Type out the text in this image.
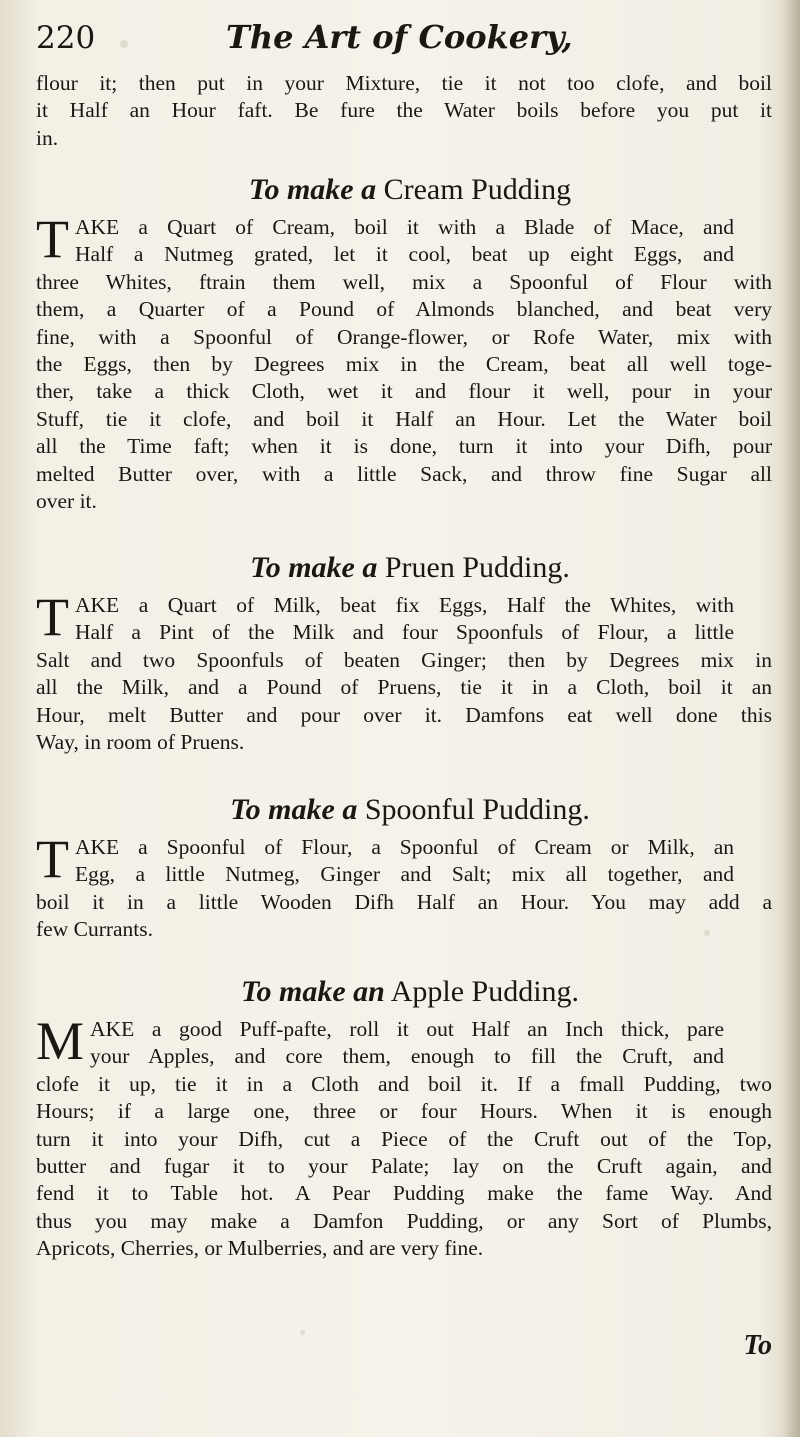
220	The Art of Cookery,
flour it; then put in your Mixture, tie it not too clofe, and boil
it Half an Hour faft. Be fure the Water boils before you put it
in.
To make a Cream Pudding
T AKE a Quart of Cream, boil it with a Blade of Mace, and
Half a Nutmeg grated, let it cool, beat up eight Eggs, and
three Whites, ftrain them well, mix a Spoonful of Flour with
them, a Quarter of a Pound of Almonds blanched, and beat very
fine, with a Spoonful of Orange-flower, or Rofe Water, mix with
the Eggs, then by Degrees mix in the Cream, beat all well toge-
ther, take a thick Cloth, wet it and flour it well, pour in your
Stuff, tie it clofe, and boil it Half an Hour. Let the Water boil
all the Time faft; when it is done, turn it into your Difh, pour
melted Butter over, with a little Sack, and throw fine Sugar all
over it.
To make a Pruen Pudding.
T AKE a Quart of Milk, beat fix Eggs, Half the Whites, with
Half a Pint of the Milk and four Spoonfuls of Flour, a little
Salt and two Spoonfuls of beaten Ginger; then by Degrees mix in
all the Milk, and a Pound of Pruens, tie it in a Cloth, boil it an
Hour, melt Butter and pour over it. Damfons eat well done this
Way, in room of Pruens.
To make a Spoonful Pudding.
T AKE a Spoonful of Flour, a Spoonful of Cream or Milk, an
Egg, a little Nutmeg, Ginger and Salt; mix all together, and
boil it in a little Wooden Difh Half an Hour. You may add a
few Currants.
To make an Apple Pudding.
M AKE a good Puff-pafte, roll it out Half an Inch thick, pare
your Apples, and core them, enough to fill the Cruft, and
clofe it up, tie it in a Cloth and boil it. If a fmall Pudding, two
Hours; if a large one, three or four Hours. When it is enough
turn it into your Difh, cut a Piece of the Cruft out of the Top,
butter and fugar it to your Palate; lay on the Cruft again, and
fend it to Table hot. A Pear Pudding make the fame Way. And
thus you may make a Damfon Pudding, or any Sort of Plumbs,
Apricots, Cherries, or Mulberries, and are very fine.
To
